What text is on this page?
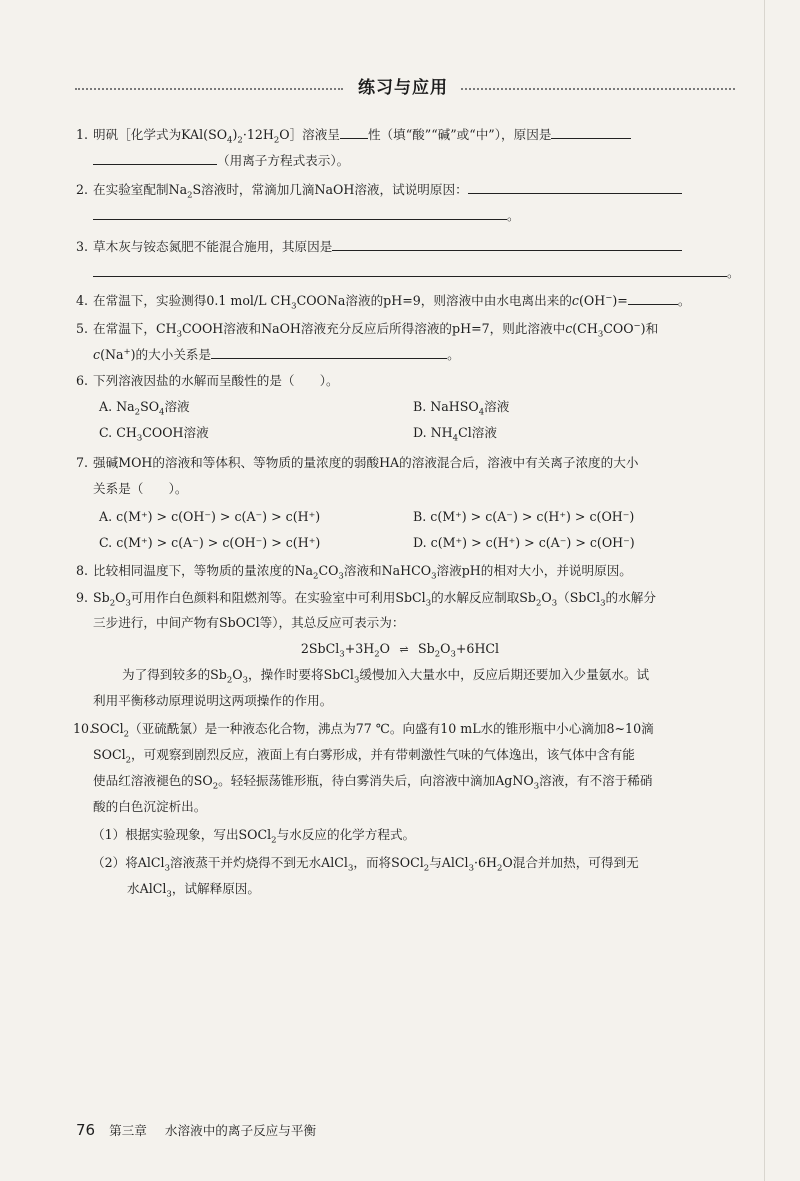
练习与应用
1. 明矾［化学式为$KAl(SO_4)_2\cdot 12H_2O]$溶液呈 性（填“酸”“碱”或“中”），原因是
（用离子方程式表示）。
2. 在实验室配制$Na_2S$溶液时，常滴加几滴NaOH溶液，试说明原因：
。
3. 草木灰与铵态氮肥不能混合施用，其原因是
。
4. 在常温下，实验测得0.1 mol/L $CH_3COONa$溶液的pH=9，则溶液中由水电离出来的c(OH−)=	。
5. 在常温下，$CH_3COOH$溶液和NaOH溶液充分反应后所得溶液的pH=7，则此溶液中$c(CH_3COO^-)$和
c(Na+)的大小关系是	。
6. 下列溶液因盐的水解而呈酸性的是（　　）。
A. $Na_2SO_4$溶液	B. NaHSO$_4$溶液
C. $CH_3COOH$溶液	D. $NH_4Cl$溶液
7. 强碱MOH的溶液和等体积、等物质的量浓度的弱酸HA的溶液混合后，溶液中有关离子浓度的大小
关系是（　　）。
A. c(M⁺) > c(OH⁻) > c(A⁻) > c(H⁺)	B. c(M⁺) > c(A⁻) > c(H⁺) > c(OH⁻)
C. c(M⁺) > c(A⁻) > c(OH⁻) > c(H⁺)	D. c(M⁺) > c(H⁺) > c(A⁻) > c(OH⁻)
8. 比较相同温度下，等物质的量浓度的$Na_2CO_3$溶液和NaHCO$_3$溶液pH的相对大小，并说明原因。
9. $Sb_2O_3$可用作白色颜料和阻燃剂等。在实验室中可利用SbCl$_3$的水解反应制取$Sb_2O_3(SbCl_3$的水解分
三步进行，中间产物有SbOCl等），其总反应可表示为：
$2SbCl_3+3H_2O$ ⇌ $Sb_2O_3+6HCl$
为了得到较多的$Sb_2O_3$，操作时要将SbCl$_3$缓慢加入大量水中，反应后期还要加入少量氨水。试
利用平衡移动原理说明这两项操作的作用。
10.SOCl$_2$（亚硫酰氯）是一种液态化合物，沸点为77 ℃。向盛有10 mL水的锥形瓶中小心滴加8~10滴
SOCl$_2$，可观察到剧烈反应，液面上有白雾形成，并有带刺激性气味的气体逸出，该气体中含有能
使品红溶液褪色的$SO_2$。轻轻振荡锥形瓶，待白雾消失后，向溶液中滴加AgNO$_3$溶液，有不溶于稀硝
酸的白色沉淀析出。
（1）根据实验现象，写出SOCl$_2$与水反应的化学方程式。
（2）将AlCl$_3$溶液蒸干并灼烧得不到无水AlCl$_3$，而将SOCl$_2$与$AlCl_3\cdot 6H_2O$混合并加热，可得到无
水AlCl$_3$，试解释原因。
76 第三章 水溶液中的离子反应与平衡
